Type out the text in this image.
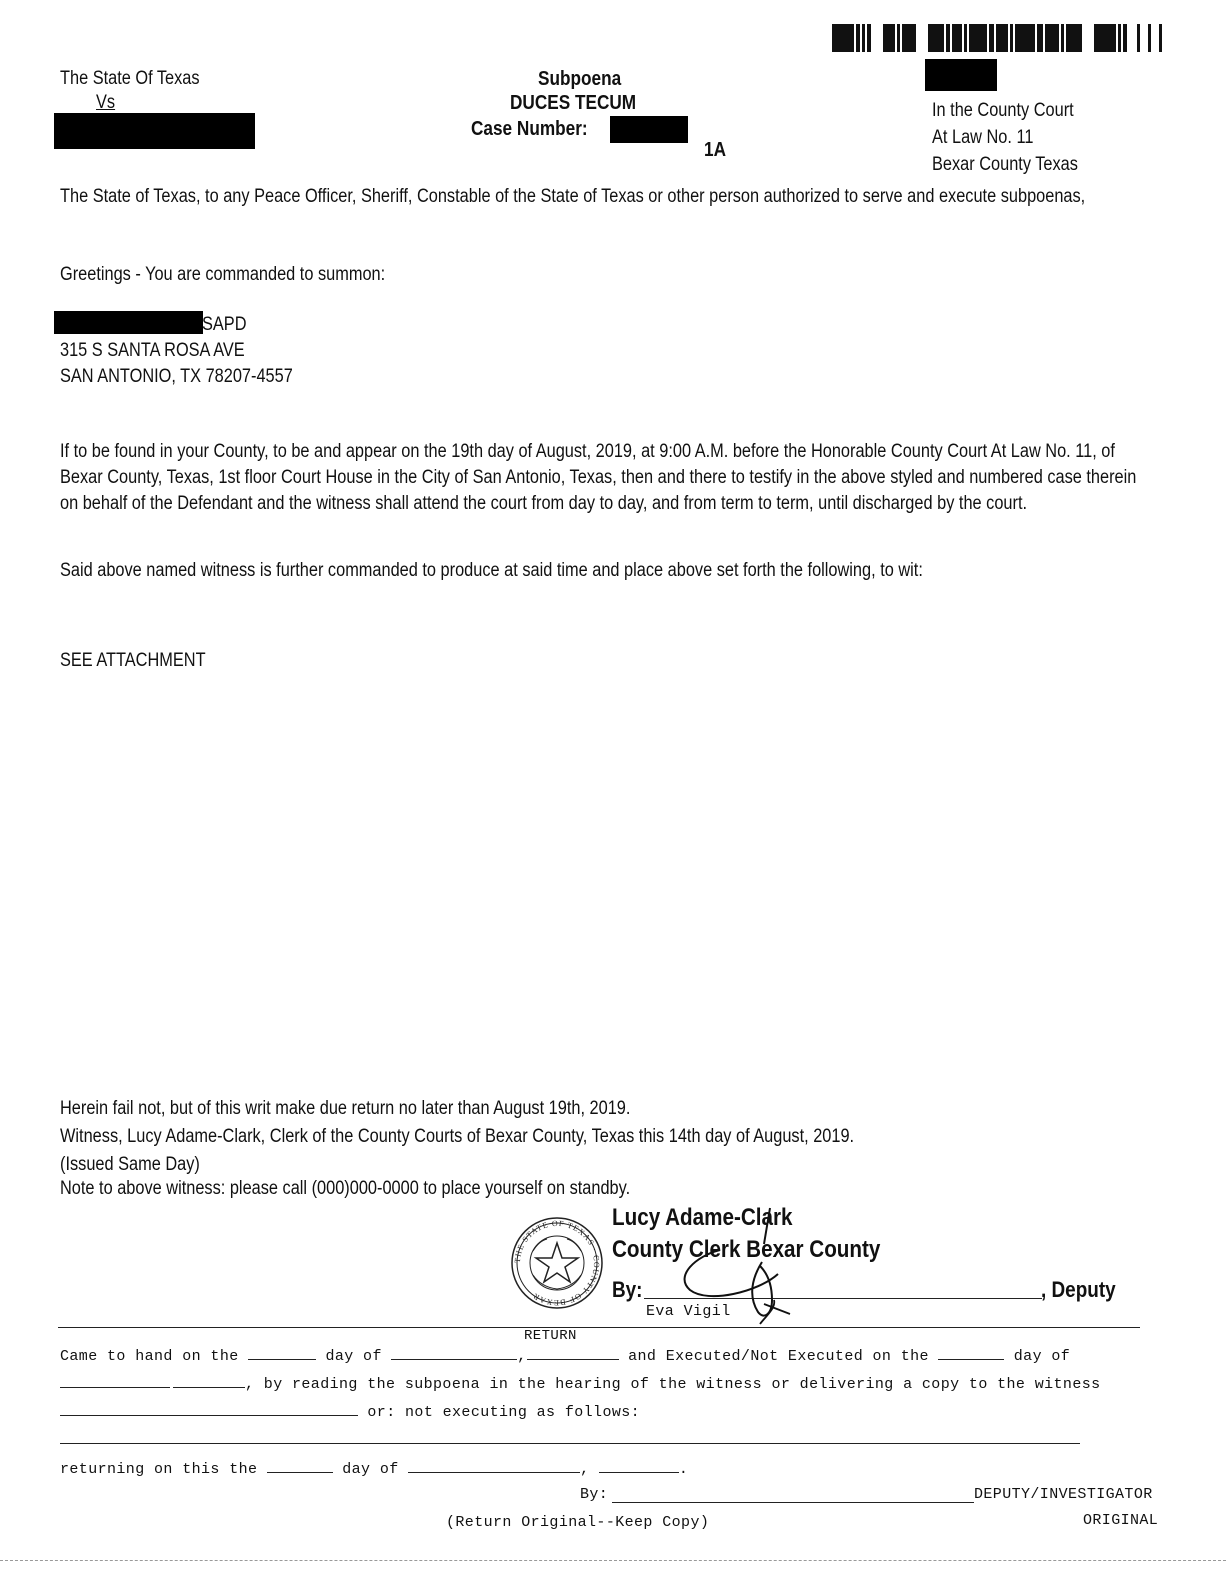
The State Of Texas
Vs
Subpoena
DUCES TECUM
Case Number:
1A
In the County Court
At Law No. 11
Bexar County Texas
The State of Texas, to any Peace Officer, Sheriff, Constable of the State of Texas or other person authorized to serve and execute subpoenas,
Greetings - You are commanded to summon:
SAPD
315 S SANTA ROSA AVE
SAN ANTONIO, TX 78207-4557
If to be found in your County, to be and appear on the 19th day of August, 2019, at 9:00 A.M. before the Honorable County Court At Law No. 11, of Bexar County, Texas, 1st floor Court House in the City of San Antonio, Texas, then and there to testify in the above styled and numbered case therein on behalf of the Defendant and the witness shall attend the court from day to day, and from term to term, until discharged by the court.
Said above named witness is further commanded to produce at said time and place above set forth the following, to wit:
SEE ATTACHMENT
Herein fail not, but of this writ make due return no later than August 19th, 2019.
Witness, Lucy Adame-Clark, Clerk of the County Courts of Bexar County, Texas this 14th day of August, 2019.
(Issued Same Day)
Note to above witness: please call (000)000-0000 to place yourself on standby.
THE STATE OF TEXAS · COUNTY OF BEXAR
Lucy Adame-Clark
County Clerk Bexar County
By:	, Deputy
Eva Vigil
RETURN
Came to hand on the	day of	,	and Executed/Not Executed on the	day of
, by reading the subpoena in the hearing of the witness or delivering a copy to the witness
or: not executing as follows:
returning on this the	day of	,	.
By:	DEPUTY/INVESTIGATOR
(Return Original--Keep Copy)	ORIGINAL
